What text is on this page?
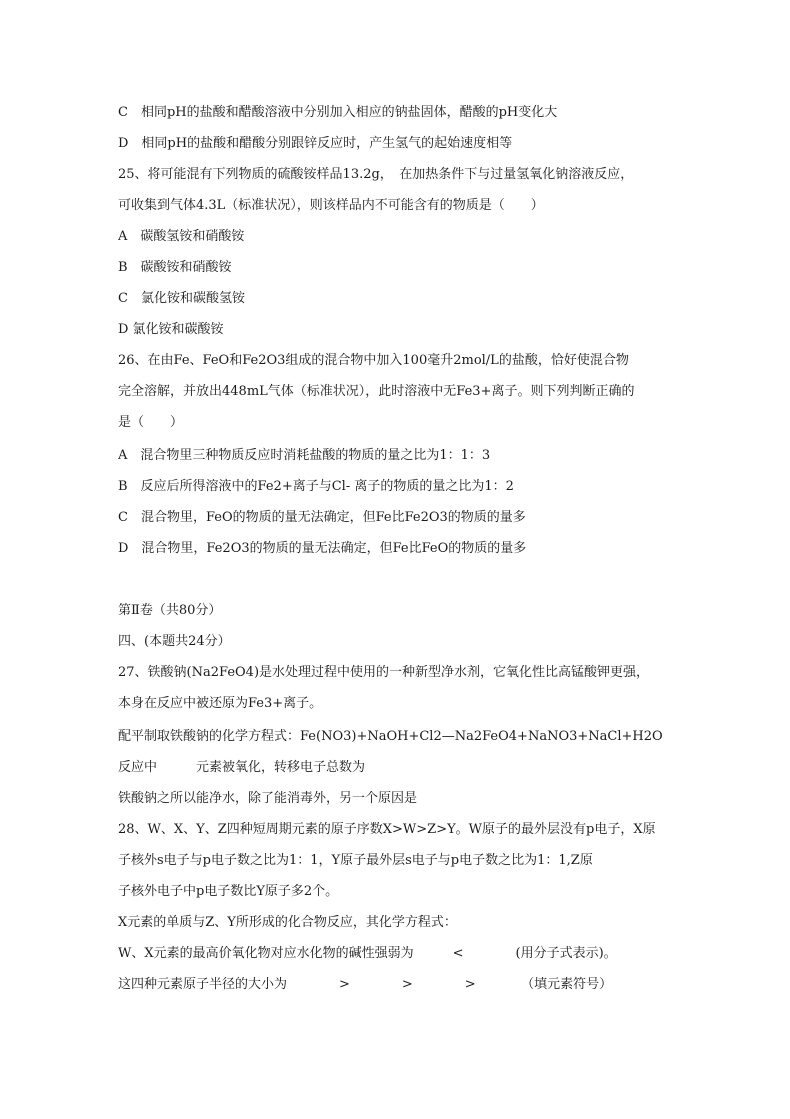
C　相同pH的盐酸和醋酸溶液中分别加入相应的钠盐固体，醋酸的pH变化大
D　相同pH的盐酸和醋酸分别跟锌反应时，产生氢气的起始速度相等
25、将可能混有下列物质的硫酸铵样品13.2g，　在加热条件下与过量氢氧化钠溶液反应，
可收集到气体4.3L（标准状况），则该样品内不可能含有的物质是（　　）
A　碳酸氢铵和硝酸铵
B　碳酸铵和硝酸铵
C　氯化铵和碳酸氢铵
D 氯化铵和碳酸铵
26、在由Fe、FeO和Fe2O3组成的混合物中加入100毫升2mol/L的盐酸，恰好使混合物
完全溶解，并放出448mL气体（标准状况），此时溶液中无Fe3+离子。则下列判断正确的
是（　　）
A　混合物里三种物质反应时消耗盐酸的物质的量之比为1：1：3
B　反应后所得溶液中的Fe2+离子与Cl- 离子的物质的量之比为1：2
C　混合物里，FeO的物质的量无法确定，但Fe比Fe2O3的物质的量多
D　混合物里，Fe2O3的物质的量无法确定，但Fe比FeO的物质的量多
第Ⅱ卷（共80分）
四、(本题共24分）
27、铁酸钠(Na2FeO4)是水处理过程中使用的一种新型净水剂，它氧化性比高锰酸钾更强，
本身在反应中被还原为Fe3+离子。
配平制取铁酸钠的化学方程式：Fe(NO3)+NaOH+Cl2—Na2FeO4+NaNO3+NaCl+H2O
反应中　　　元素被氧化，转移电子总数为
铁酸钠之所以能净水，除了能消毒外，另一个原因是
28、W、X、Y、Z四种短周期元素的原子序数X>W>Z>Y。W原子的最外层没有p电子，X原
子核外s电子与p电子数之比为1：1，Y原子最外层s电子与p电子数之比为1：1,Z原
子核外电子中p电子数比Y原子多2个。
X元素的单质与Z、Y所形成的化合物反应，其化学方程式：
W、X元素的最高价氧化物对应水化物的碱性强弱为　　　<　　　　(用分子式表示)。
这四种元素原子半径的大小为　　　　>　　　　>　　　　>　　　　（填元素符号）
